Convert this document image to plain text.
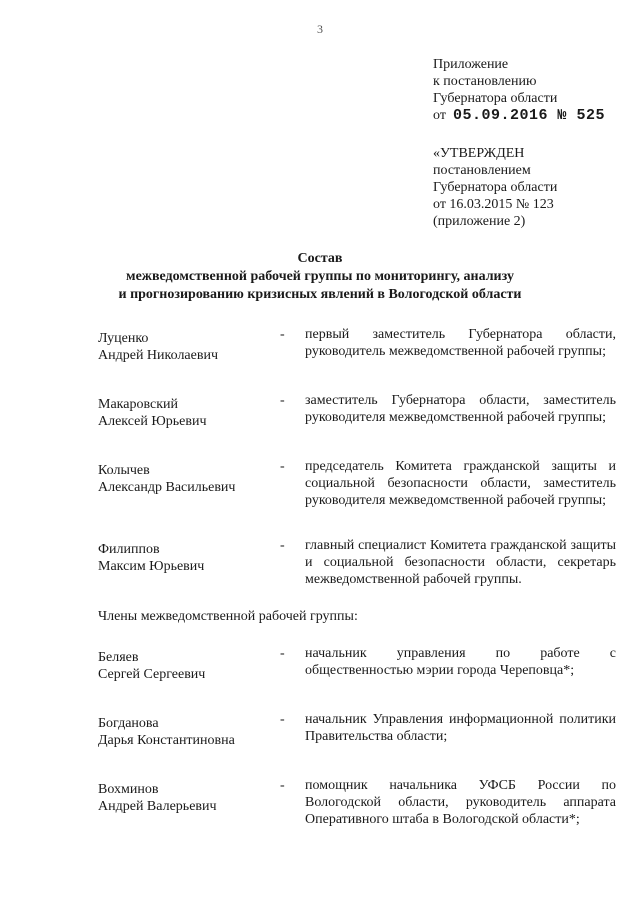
3
Приложение
к постановлению
Губернатора области
от 05.09.2016 № 525
«УТВЕРЖДЕН
постановлением
Губернатора области
от 16.03.2015 № 123
(приложение 2)
Состав
межведомственной рабочей группы по мониторингу, анализу
и прогнозированию кризисных явлений в Вологодской области
Луценко
Андрей Николаевич
-	первый заместитель Губернатора области, руководитель межведомственной рабочей группы;
Макаровский
Алексей Юрьевич
-	заместитель Губернатора области, заместитель руководителя межведомственной рабочей группы;
Колычев
Александр Васильевич
-	председатель Комитета гражданской защиты и социальной безопасности области, заместитель руководителя межведомственной рабочей группы;
Филиппов
Максим Юрьевич
-	главный специалист Комитета гражданской защиты и социальной безопасности области, секретарь межведомственной рабочей группы.

Члены межведомственной рабочей группы:

Беляев
Сергей Сергеевич
-	начальник управления по работе с общественностью мэрии города Череповца*;
Богданова
Дарья Константиновна
-	начальник Управления информационной политики Правительства области;
Вохминов
Андрей Валерьевич
-	помощник начальника УФСБ России по Вологодской области, руководитель аппарата Оперативного штаба в Вологодской области*;
